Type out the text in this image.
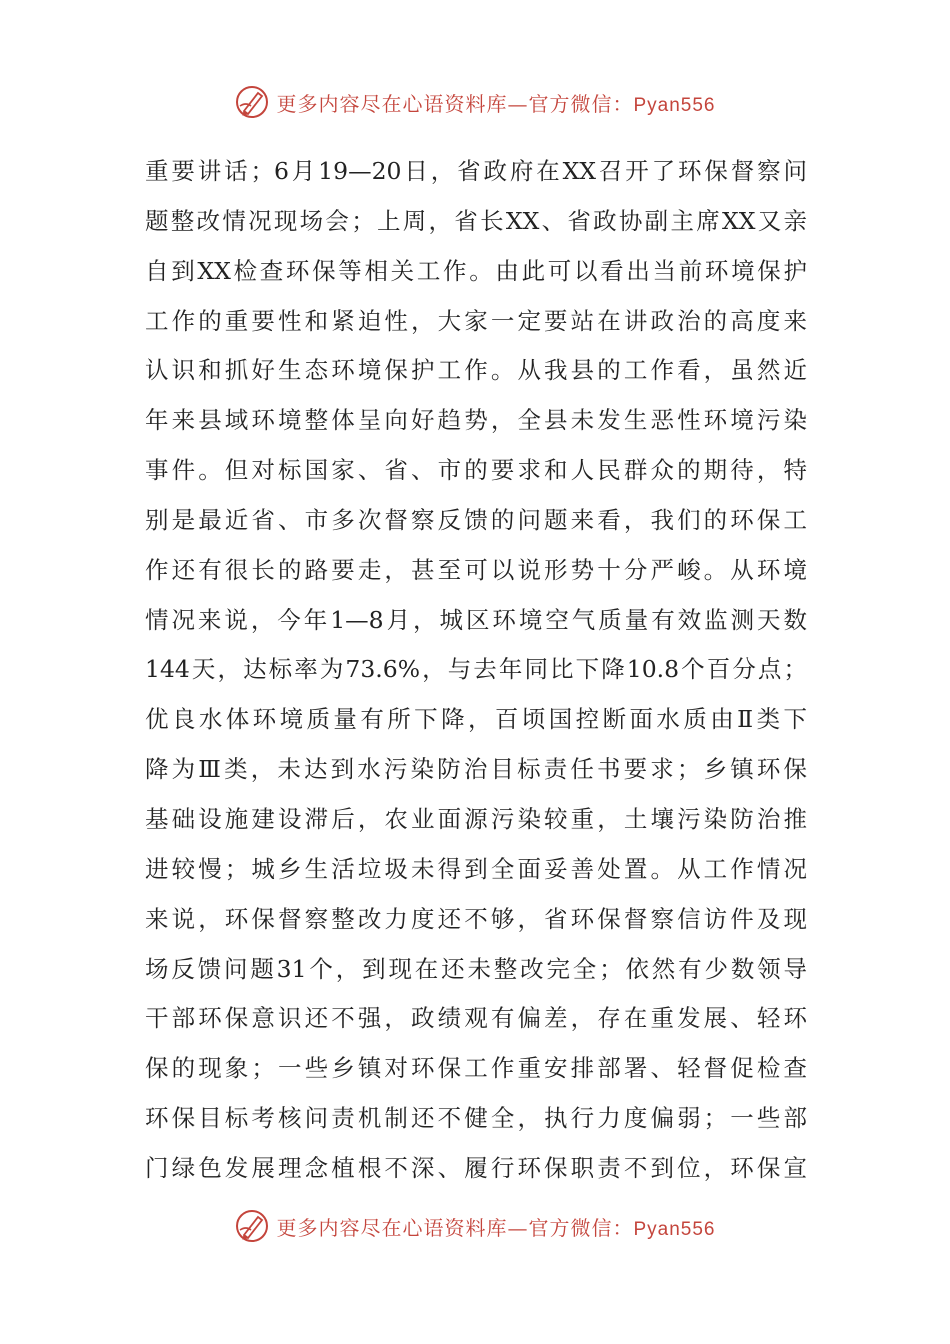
更多内容尽在心语资料库—官方微信：Pyan556
重要讲话；6月19—20日，省政府在XX召开了环保督察问
题整改情况现场会；上周，省长XX、省政协副主席XX又亲
自到XX检查环保等相关工作。由此可以看出当前环境保护
工作的重要性和紧迫性，大家一定要站在讲政治的高度来
认识和抓好生态环境保护工作。从我县的工作看，虽然近
年来县域环境整体呈向好趋势，全县未发生恶性环境污染
事件。但对标国家、省、市的要求和人民群众的期待，特
别是最近省、市多次督察反馈的问题来看，我们的环保工
作还有很长的路要走，甚至可以说形势十分严峻。从环境
情况来说，今年1—8月，城区环境空气质量有效监测天数
144天，达标率为73.6%，与去年同比下降10.8个百分点；
优良水体环境质量有所下降，百顷国控断面水质由Ⅱ类下
降为Ⅲ类，未达到水污染防治目标责任书要求；乡镇环保
基础设施建设滞后，农业面源污染较重，土壤污染防治推
进较慢；城乡生活垃圾未得到全面妥善处置。从工作情况
来说，环保督察整改力度还不够，省环保督察信访件及现
场反馈问题31个，到现在还未整改完全；依然有少数领导
干部环保意识还不强，政绩观有偏差，存在重发展、轻环
保的现象；一些乡镇对环保工作重安排部署、轻督促检查
环保目标考核问责机制还不健全，执行力度偏弱；一些部
门绿色发展理念植根不深、履行环保职责不到位，环保宣
更多内容尽在心语资料库—官方微信：Pyan556
